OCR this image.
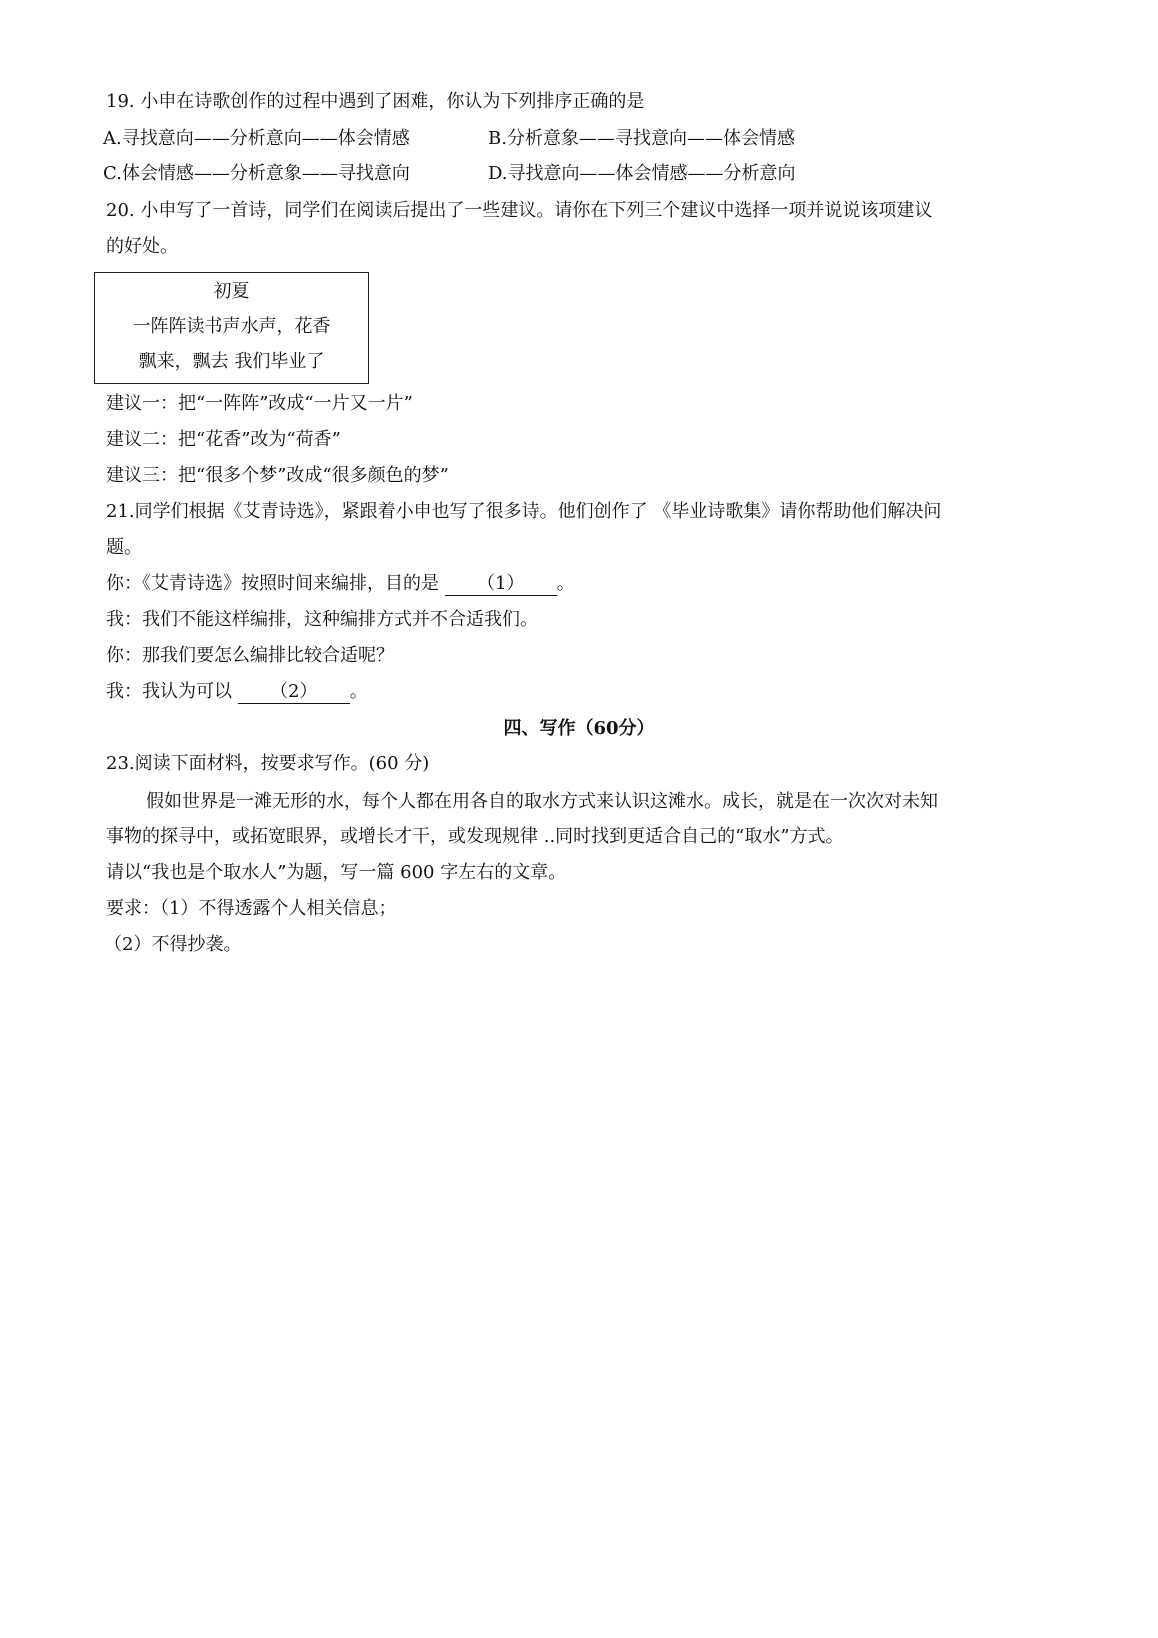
19. 小申在诗歌创作的过程中遇到了困难，你认为下列排序正确的是
A.寻找意向——分析意向——体会情感	B.分析意象——寻找意向——体会情感
C.体会情感——分析意象——寻找意向	D.寻找意向——体会情感——分析意向
20. 小申写了一首诗，同学们在阅读后提出了一些建议。请你在下列三个建议中选择一项并说说该项建议
的好处。
初夏
一阵阵读书声水声，花香
飘来，飘去 我们毕业了
建议一：把“一阵阵”改成“一片又一片”
建议二：把“花香”改为“荷香”
建议三：把“很多个梦”改成“很多颜色的梦”
21.同学们根据《艾青诗选》，紧跟着小申也写了很多诗。他们创作了 《毕业诗歌集》请你帮助他们解决问
题。
你：《艾青诗选》按照时间来编排，目的是 （1） 。
我：我们不能这样编排，这种编排方式并不合适我们。
你：那我们要怎么编排比较合适呢？
我：我认为可以 （2） 。
四、写作（60分）
23.阅读下面材料，按要求写作。(60 分)
假如世界是一滩无形的水，每个人都在用各自的取水方式来认识这滩水。成长，就是在一次次对未知
事物的探寻中，或拓宽眼界，或增长才干，或发现规律 ..同时找到更适合自己的“取水”方式。
请以“我也是个取水人”为题，写一篇 600 字左右的文章。
要求：（1）不得透露个人相关信息；
（2）不得抄袭。
